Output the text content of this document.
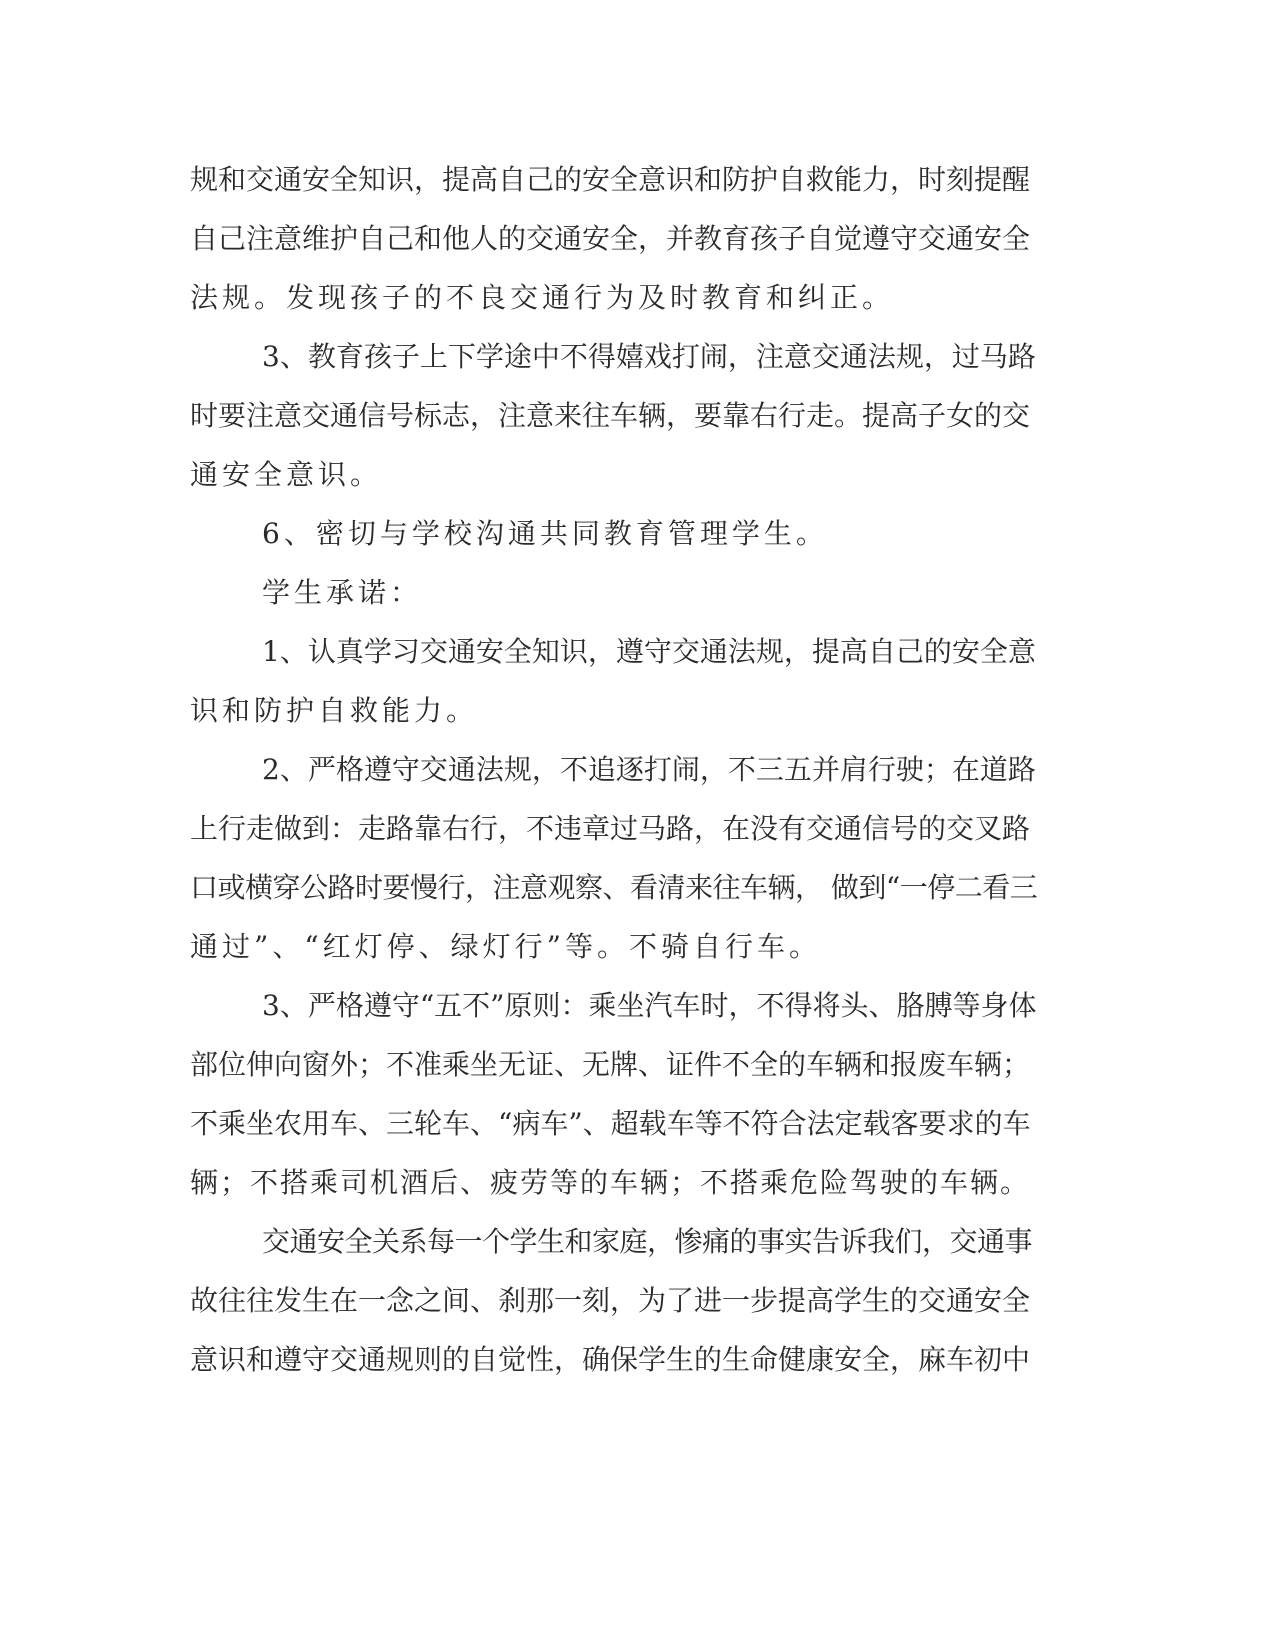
规和交通安全知识，提高自己的安全意识和防护自救能力，时刻提醒
自己注意维护自己和他人的交通安全，并教育孩子自觉遵守交通安全
法规。发现孩子的不良交通行为及时教育和纠正。
3、教育孩子上下学途中不得嬉戏打闹，注意交通法规，过马路
时要注意交通信号标志，注意来往车辆，要靠右行走。提高子女的交
通安全意识。
6、密切与学校沟通共同教育管理学生。
学生承诺：
1、认真学习交通安全知识，遵守交通法规，提高自己的安全意
识和防护自救能力。
2、严格遵守交通法规，不追逐打闹，不三五并肩行驶；在道路
上行走做到：走路靠右行，不违章过马路，在没有交通信号的交叉路
口或横穿公路时要慢行，注意观察、看清来往车辆， 做到“一停二看三
通过”、“红灯停、绿灯行”等。不骑自行车。
3、严格遵守“五不”原则：乘坐汽车时，不得将头、胳膊等身体
部位伸向窗外；不准乘坐无证、无牌、证件不全的车辆和报废车辆；
不乘坐农用车、三轮车、“病车”、超载车等不符合法定载客要求的车
辆；不搭乘司机酒后、疲劳等的车辆；不搭乘危险驾驶的车辆。
交通安全关系每一个学生和家庭，惨痛的事实告诉我们，交通事
故往往发生在一念之间、刹那一刻，为了进一步提高学生的交通安全
意识和遵守交通规则的自觉性，确保学生的生命健康安全，麻车初中
